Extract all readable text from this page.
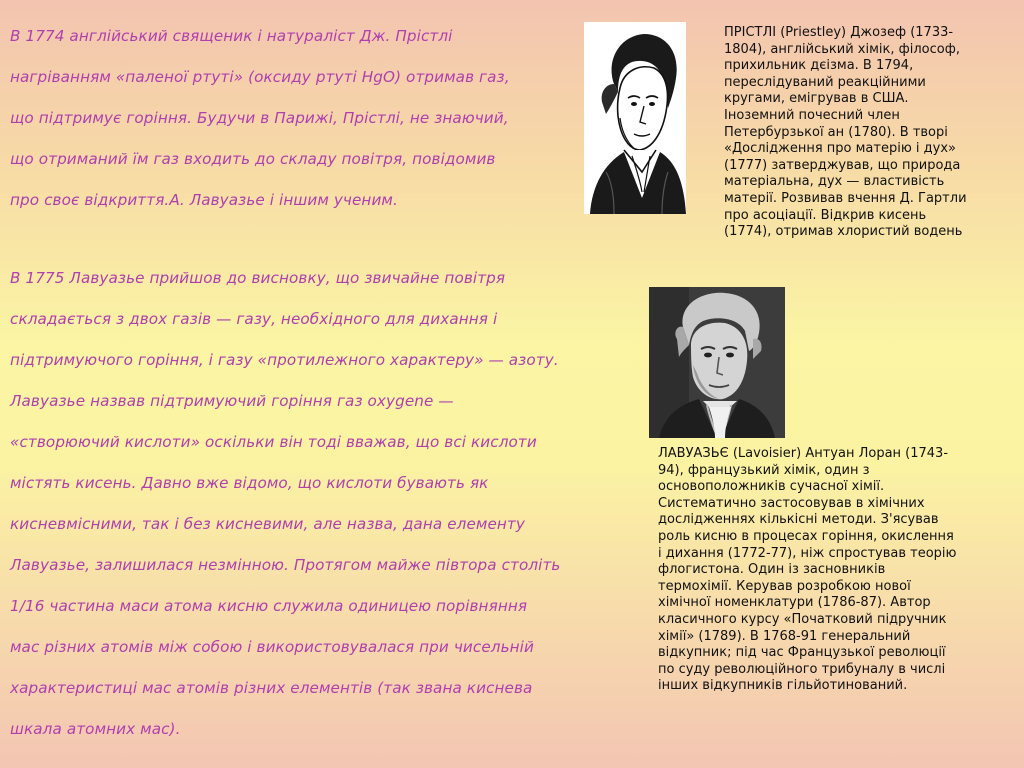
В 1774 англійський священик і натураліст Дж. Прістлі

нагріванням «паленої ртуті» (оксиду ртуті HgO) отримав газ,

що підтримує горіння. Будучи в Парижі, Прістлі, не знаючий,

що отриманий їм газ входить до складу повітря, повідомив

про своє відкриття.А. Лавуазье і іншим ученим.

В 1775 Лавуазье прийшов до висновку, що звичайне повітря

складається з двох газів — газу, необхідного для дихання і

підтримуючого горіння, і газу «протилежного характеру» — азоту.

Лавуазье назвав підтримуючий горіння газ oxygene —

«створюючий кислоти» оскільки він тоді вважав, що всі кислоти

містять кисень. Давно вже відомо, що кислоти бувають як

кисневмісними, так і без кисневими, але назва, дана елементу

Лавуазье, залишилася незмінною. Протягом майже півтора століть

1/16 частина маси атома кисню служила одиницею порівняння

мас різних атомів між собою і використовувалася при чисельній

характеристиці мас атомів різних елементів (так звана киснева

шкала атомних мас).

ПРІСТЛІ (Priestley) Джозеф (1733-
1804), англійський хімік, філософ,
прихильник дєізма. В 1794,
переслідуваний реакційними
кругами, емігрував в США.
Іноземний почесний член
Петербурзької ан (1780). В творі
«Дослідження про матерію і дух»
(1777) затверджував, що природа
матеріальна, дух — властивість
матерії. Розвивав вчення Д. Гартли
про асоціації. Відкрив кисень
(1774), отримав хлористий водень
ЛАВУАЗЬЄ (Lavoisier) Антуан Лоран (1743-
94), французький хімік, один з
основоположників сучасної хімії.
Систематично застосовував в хімічних
дослідженнях кількісні методи. З'ясував
роль кисню в процесах горіння, окислення
і дихання (1772-77), ніж спростував теорію
флогистона. Один із засновників
термохімії. Керував розробкою нової
хімічної номенклатури (1786-87). Автор
класичного курсу «Початковий підручник
хімії» (1789). В 1768-91 генеральний
відкупник; під час Французької революції
по суду революційного трибуналу в числі
інших відкупників гільйотинований.
